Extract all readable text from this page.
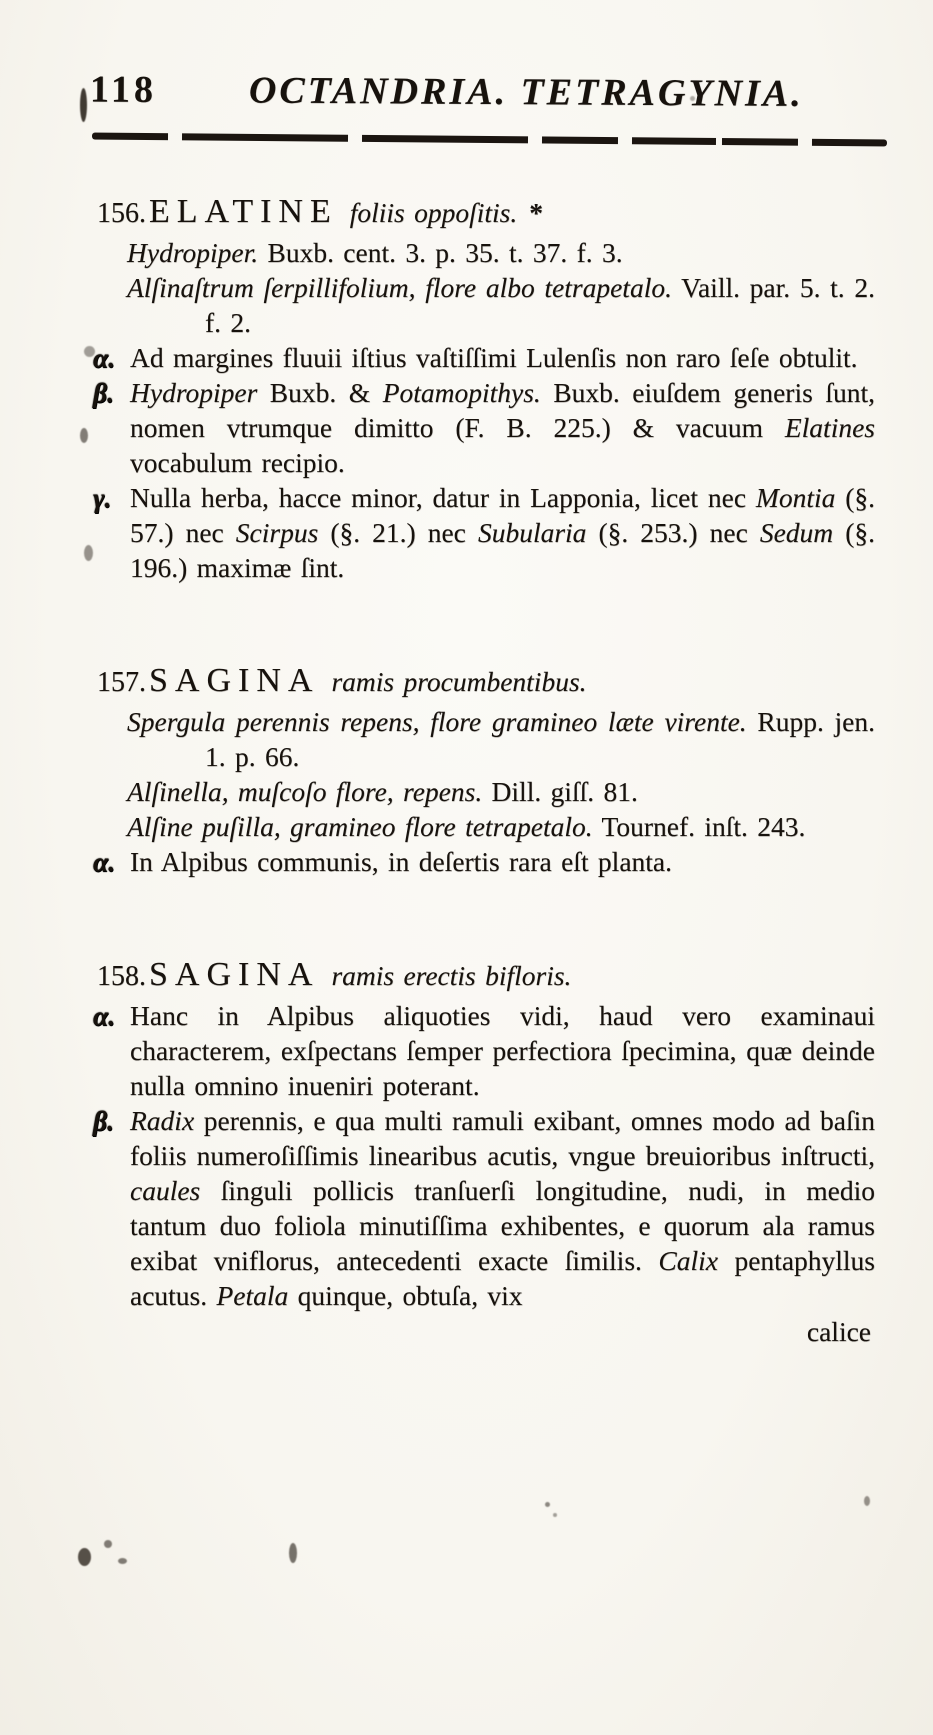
118 OCTANDRIA. TETRAGYNIA.
156.ELATINE foliis oppoſitis. *

Hydropiper. Buxb. cent. 3. p. 35. t. 37. f. 3.

Alſinaſtrum ſerpillifolium, flore albo tetrapetalo. Vaill. par. 5. t. 2. f. 2.

α. Ad margines fluuii iſtius vaſtiſſimi Lulenſis non raro ſeſe obtulit.

β. Hydropiper Buxb. & Potamopithys. Buxb. eiuſdem generis ſunt, nomen vtrumque dimitto (F. B. 225.) & vacuum Elatines vocabulum recipio.

γ. Nulla herba, hacce minor, datur in Lapponia, licet nec Montia (§. 57.) nec Scirpus (§. 21.) nec Subularia (§. 253.) nec Sedum (§. 196.) maximæ ſint.

157.SAGINA ramis procumbentibus.

Spergula perennis repens, flore gramineo læte virente. Rupp. jen. 1. p. 66.

Alſinella, muſcoſo flore, repens. Dill. giſſ. 81.

Alſine puſilla, gramineo flore tetrapetalo. Tournef. inſt. 243.

α. In Alpibus communis, in deſertis rara eſt planta.

158.SAGINA ramis erectis bifloris.

α. Hanc in Alpibus aliquoties vidi, haud vero examinaui characterem, exſpectans ſemper perfectiora ſpecimina, quæ deinde nulla omnino inueniri poterant.

β. Radix perennis, e qua multi ramuli exibant, omnes modo ad baſin foliis numeroſiſſimis linearibus acutis, vngue breuioribus inſtructi, caules ſinguli pollicis tranſuerſi longitudine, nudi, in medio tantum duo foliola minutiſſima exhibentes, e quorum ala ramus exibat vniflorus, antecedenti exacte ſimilis. Calix pentaphyllus acutus. Petala quinque, obtuſa, vix

calice
